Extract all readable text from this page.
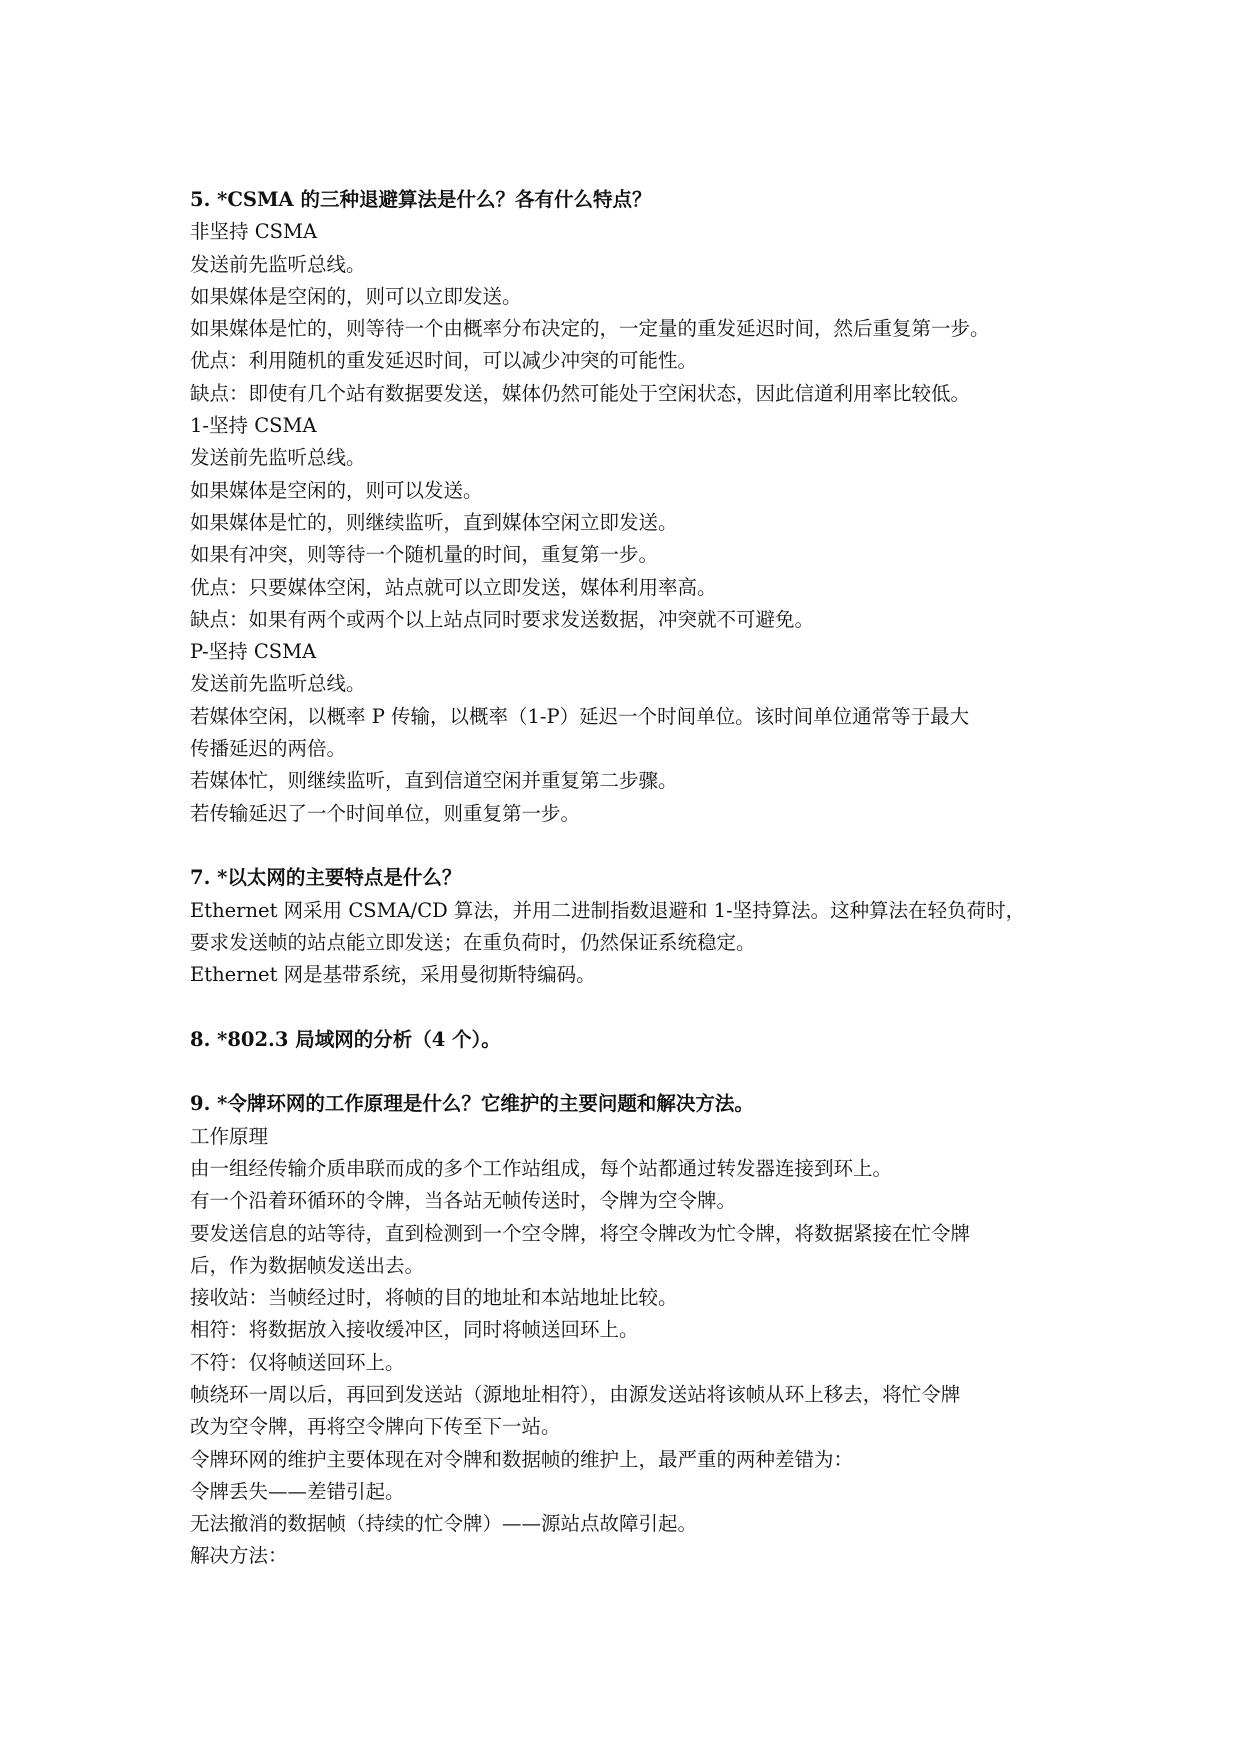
5. *CSMA 的三种退避算法是什么？各有什么特点？
非坚持 CSMA
发送前先监听总线。
如果媒体是空闲的，则可以立即发送。
如果媒体是忙的，则等待一个由概率分布决定的，一定量的重发延迟时间，然后重复第一步。
优点：利用随机的重发延迟时间，可以减少冲突的可能性。
缺点：即使有几个站有数据要发送，媒体仍然可能处于空闲状态，因此信道利用率比较低。
1-坚持 CSMA
发送前先监听总线。
如果媒体是空闲的，则可以发送。
如果媒体是忙的，则继续监听，直到媒体空闲立即发送。
如果有冲突，则等待一个随机量的时间，重复第一步。
优点：只要媒体空闲，站点就可以立即发送，媒体利用率高。
缺点：如果有两个或两个以上站点同时要求发送数据，冲突就不可避免。
P-坚持 CSMA
发送前先监听总线。
若媒体空闲，以概率 P 传输，以概率（1-P）延迟一个时间单位。该时间单位通常等于最大
传播延迟的两倍。
若媒体忙，则继续监听，直到信道空闲并重复第二步骤。
若传输延迟了一个时间单位，则重复第一步。
7. *以太网的主要特点是什么？
Ethernet 网采用 CSMA/CD 算法，并用二进制指数退避和 1-坚持算法。这种算法在轻负荷时，
要求发送帧的站点能立即发送；在重负荷时，仍然保证系统稳定。
Ethernet 网是基带系统，采用曼彻斯特编码。
8. *802.3 局域网的分析（4 个）。
9. *令牌环网的工作原理是什么？它维护的主要问题和解决方法。
工作原理
由一组经传输介质串联而成的多个工作站组成，每个站都通过转发器连接到环上。
有一个沿着环循环的令牌，当各站无帧传送时，令牌为空令牌。
要发送信息的站等待，直到检测到一个空令牌，将空令牌改为忙令牌，将数据紧接在忙令牌
后，作为数据帧发送出去。
接收站：当帧经过时，将帧的目的地址和本站地址比较。
相符：将数据放入接收缓冲区，同时将帧送回环上。
不符：仅将帧送回环上。
帧绕环一周以后，再回到发送站（源地址相符），由源发送站将该帧从环上移去，将忙令牌
改为空令牌，再将空令牌向下传至下一站。
令牌环网的维护主要体现在对令牌和数据帧的维护上，最严重的两种差错为：
令牌丢失——差错引起。
无法撤消的数据帧（持续的忙令牌）——源站点故障引起。
解决方法：
